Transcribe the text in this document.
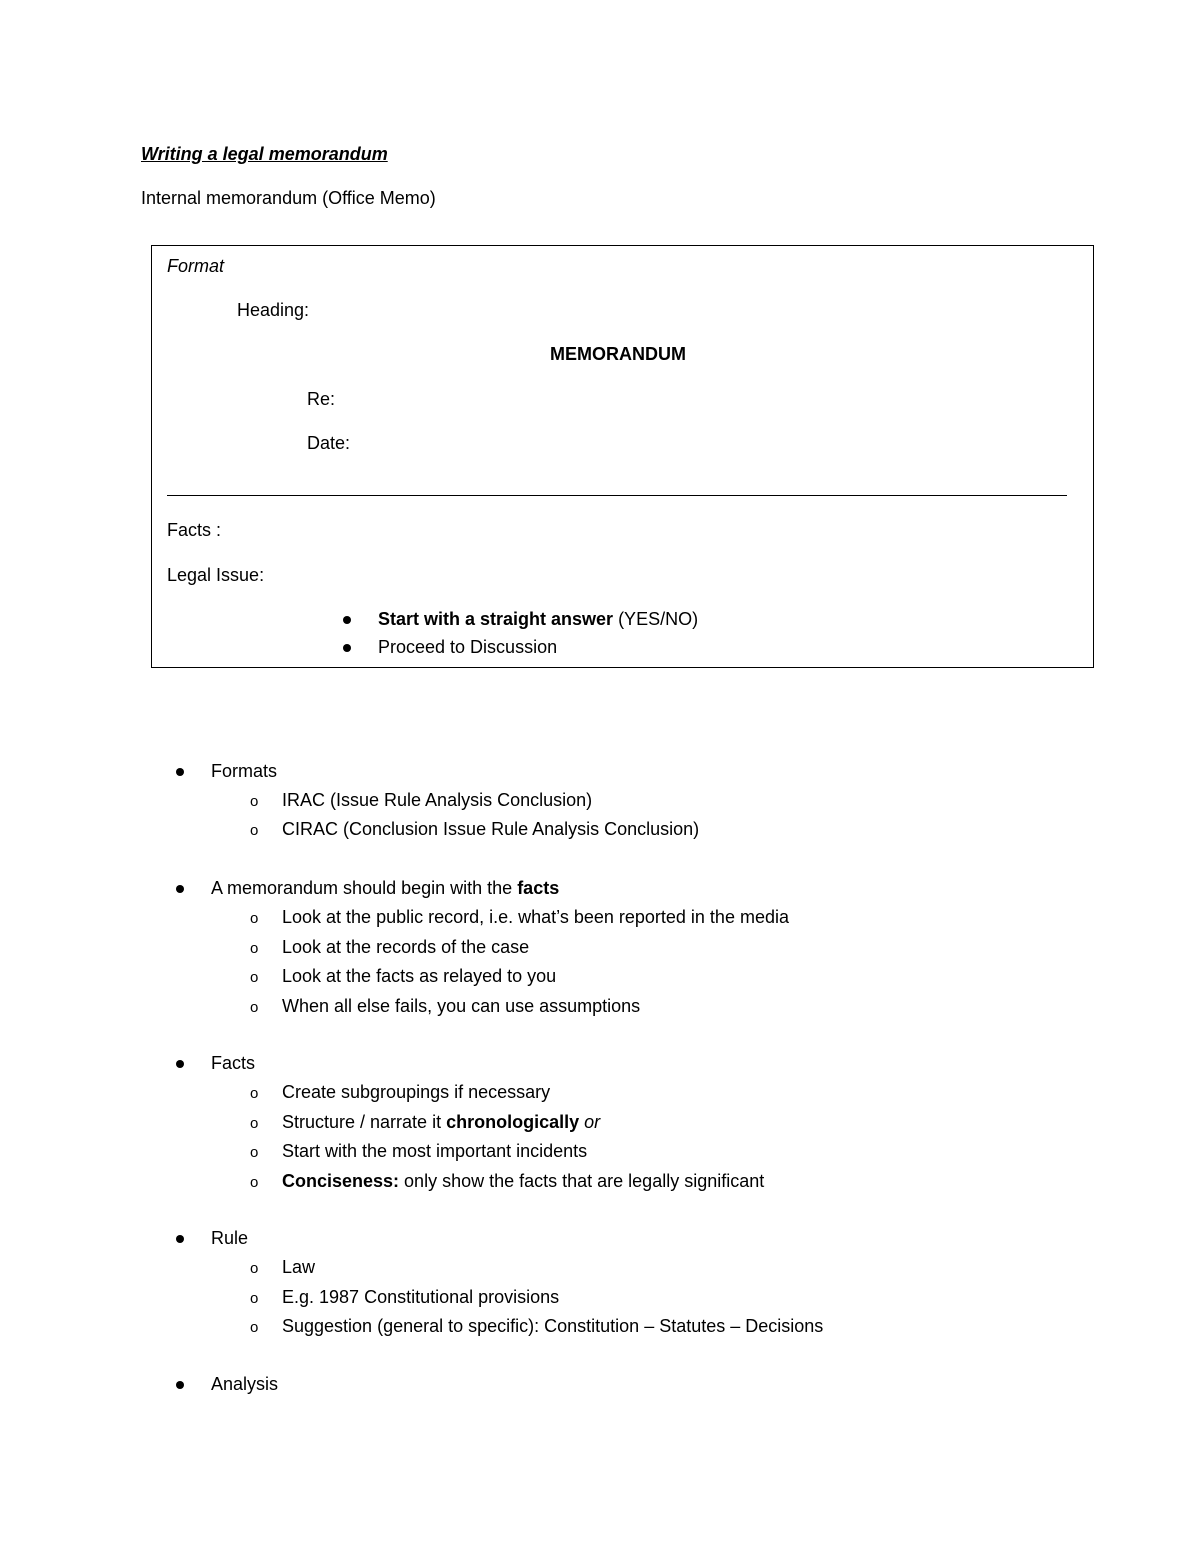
Writing a legal memorandum
Internal memorandum (Office Memo)
Format
Heading:
MEMORANDUM
Re:
Date:
Facts :
Legal Issue:
Start with a straight answer (YES/NO)
Proceed to Discussion
Formats
o IRAC (Issue Rule Analysis Conclusion)
o CIRAC (Conclusion Issue Rule Analysis Conclusion)
A memorandum should begin with the facts
o Look at the public record, i.e. what’s been reported in the media
o Look at the records of the case
o Look at the facts as relayed to you
o When all else fails, you can use assumptions
Facts
o Create subgroupings if necessary
o Structure / narrate it chronologically or
o Start with the most important incidents
o Conciseness: only show the facts that are legally significant
Rule
o Law
o E.g. 1987 Constitutional provisions
o Suggestion (general to specific): Constitution – Statutes – Decisions
Analysis
